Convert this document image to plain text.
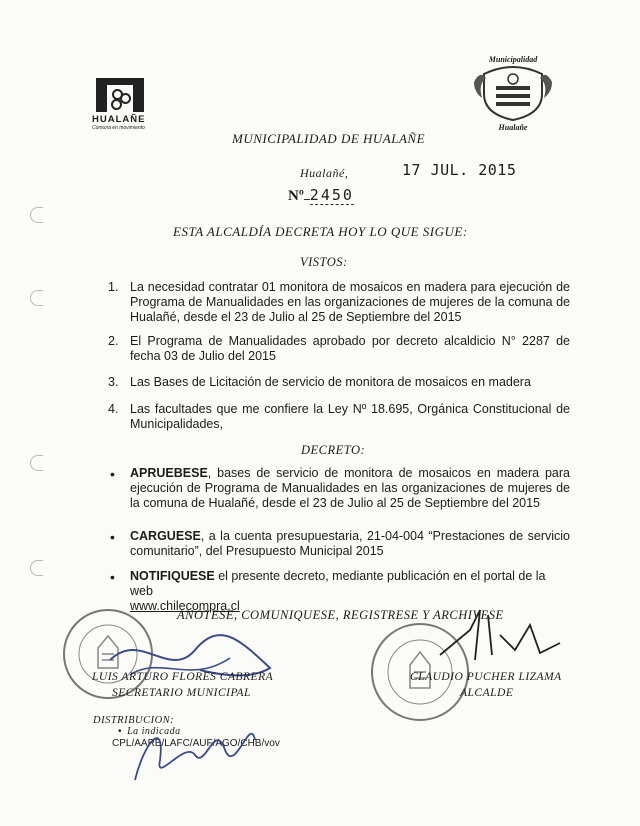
HUALAÑE
Comuna en movimiento
Municipalidad
Hualañe
MUNICIPALIDAD DE HUALAÑE
Hualañé,	17 JUL. 2015
Nº 2450
ESTA ALCALDÍA DECRETA HOY LO QUE SIGUE:
VISTOS:
1. La necesidad contratar 01 monitora de mosaicos en madera para ejecución de Programa de Manualidades en las organizaciones de mujeres de la comuna de Hualañé, desde el 23 de Julio al 25 de Septiembre del 2015
2. El Programa de Manualidades aprobado por decreto alcaldicio N° 2287 de fecha 03 de Julio del 2015
3. Las Bases de Licitación de servicio de monitora de mosaicos en madera
4. Las facultades que me confiere la Ley Nº 18.695, Orgánica Constitucional de Municipalidades,
DECRETO:
• APRUEBESE, bases de servicio de monitora de mosaicos en madera para ejecución de Programa de Manualidades en las organizaciones de mujeres de la comuna de Hualañé, desde el 23 de Julio al 25 de Septiembre del 2015
• CARGUESE, a la cuenta presupuestaria, 21-04-004 “Prestaciones de servicio comunitario”, del Presupuesto Municipal 2015
• NOTIFIQUESE el presente decreto, mediante publicación en el portal de la web
www.chilecompra.cl
ANOTESE, COMUNIQUESE, REGISTRESE Y ARCHIVESE
LUIS ARTURO FLORES CABRERA
SECRETARIO MUNICIPAL
CLAUDIO PUCHER LIZAMA
ALCALDE
DISTRIBUCION:
•  La indicada
CPL/AARB/LAFC/AUF/AGO/CHB/vov
